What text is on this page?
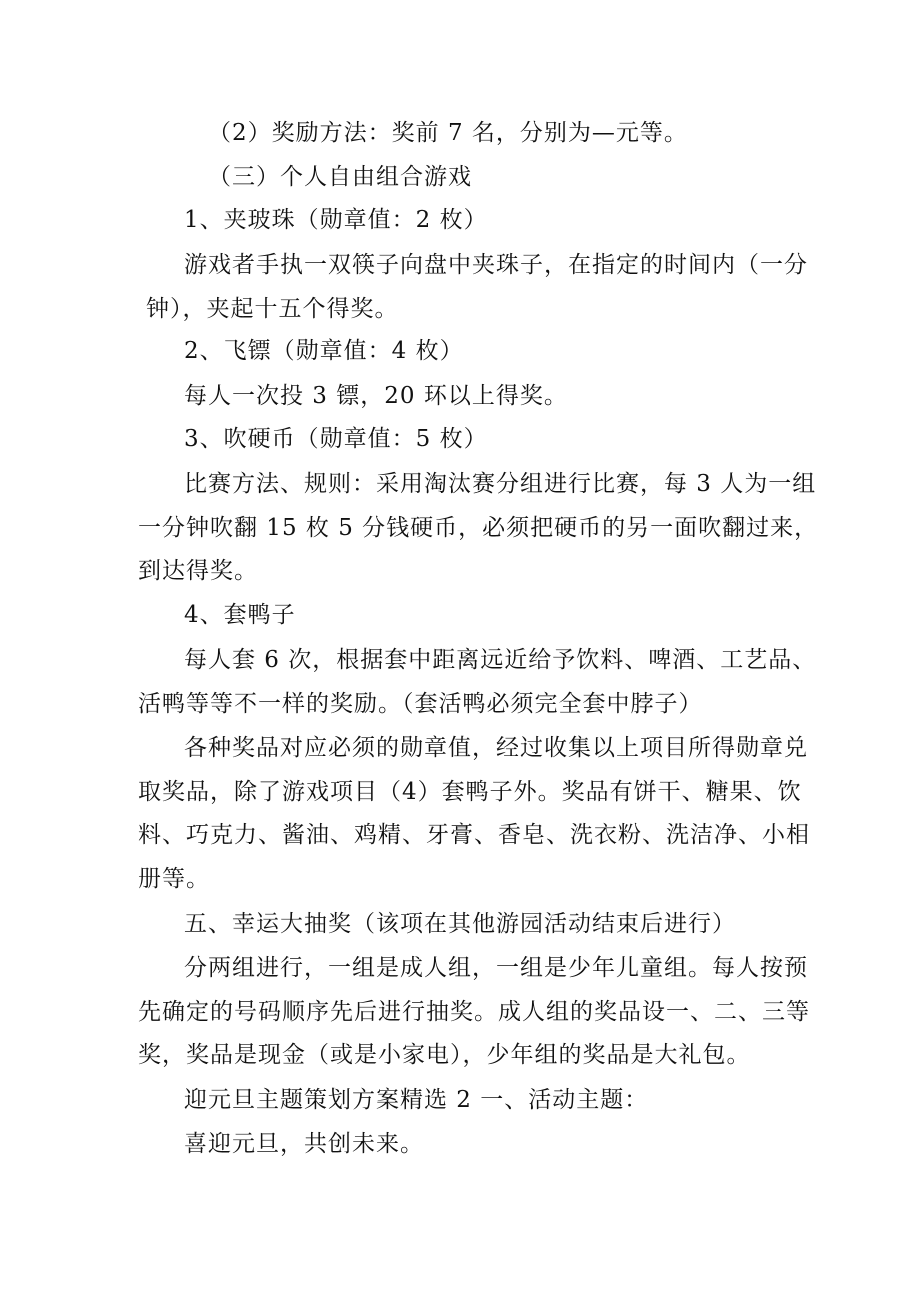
（2）奖励方法：奖前 7 名，分别为—元等。

（三）个人自由组合游戏

1、夹玻珠（勋章值：2 枚）

游戏者手执一双筷子向盘中夹珠子，在指定的时间内（一分
钟），夹起十五个得奖。

2、飞镖（勋章值：4 枚）

每人一次投 3 镖，20 环以上得奖。

3、吹硬币（勋章值：5 枚）

比赛方法、规则：采用淘汰赛分组进行比赛，每 3 人为一组
一分钟吹翻 15 枚 5 分钱硬币，必须把硬币的另一面吹翻过来，
到达得奖。

4、套鸭子

每人套 6 次，根据套中距离远近给予饮料、啤酒、工艺品、
活鸭等等不一样的奖励。（套活鸭必须完全套中脖子）

各种奖品对应必须的勋章值，经过收集以上项目所得勋章兑
取奖品，除了游戏项目（4）套鸭子外。奖品有饼干、糖果、饮
料、巧克力、酱油、鸡精、牙膏、香皂、洗衣粉、洗洁净、小相
册等。

五、幸运大抽奖（该项在其他游园活动结束后进行）

分两组进行，一组是成人组，一组是少年儿童组。每人按预
先确定的号码顺序先后进行抽奖。成人组的奖品设一、二、三等
奖，奖品是现金（或是小家电），少年组的奖品是大礼包。

迎元旦主题策划方案精选 2 一、活动主题：

喜迎元旦，共创未来。
